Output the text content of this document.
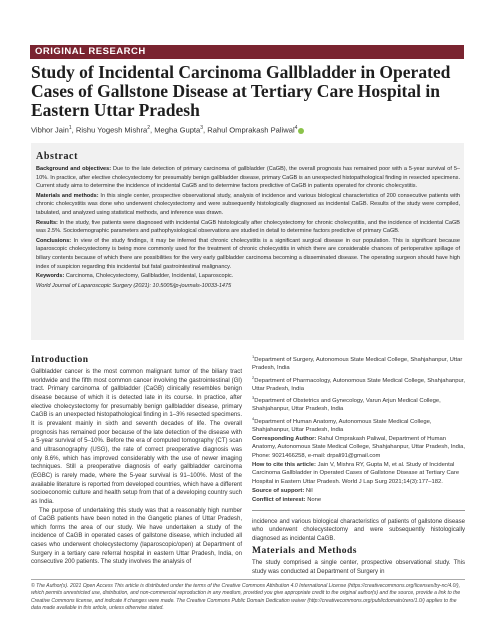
ORIGINAL RESEARCH
Study of Incidental Carcinoma Gallbladder in Operated Cases of Gallstone Disease at Tertiary Care Hospital in Eastern Uttar Pradesh
Vibhor Jain$^1$, Rishu Yogesh Mishra$^2$, Megha Gupta$^3$, Rahul Omprakash Paliwal$^4$
Abstract

Background and objectives: Due to the late detection of primary carcinoma of gallbladder (CaGB), the overall prognosis has remained poor with a 5-year survival of 5–10%. In practice, after elective cholecystectomy for presumably benign gallbladder disease, primary CaGB is an unexpected histopathological finding in resected specimens. Current study aims to determine the incidence of incidental CaGB and to determine factors predictive of CaGB in patients operated for chronic cholecystitis.

Materials and methods: In this single center, prospective observational study, analysis of incidence and various biological characteristics of 200 consecutive patients with chronic cholecystitis was done who underwent cholecystectomy and were subsequently histologically diagnosed as incidental CaGB. Results of the study were compiled, tabulated, and analyzed using statistical methods, and inference was drawn.

Results: In the study, five patients were diagnosed with incidental CaGB histologically after cholecystectomy for chronic cholecystitis, and the incidence of incidental CaGB was 2.5%. Sociodemographic parameters and pathophysiological observations are studied in detail to determine factors predictive of primary CaGB.

Conclusions: In view of the study findings, it may be inferred that chronic cholecystitis is a significant surgical disease in our population. This is significant because laparoscopic cholecystectomy is being more commonly used for the treatment of chronic cholecystitis in which there are considerable chances of perioperative spillage of biliary contents because of which there are possibilities for the very early gallbladder carcinoma becoming a disseminated disease. The operating surgeon should have high index of suspicion regarding this incidental but fatal gastrointestinal malignancy.

Keywords: Carcinoma, Cholecystectomy, Gallbladder, Incidental, Laparoscopic.

World Journal of Laparoscopic Surgery (2021): 10.5005/jp-journals-10033-1475

Introduction

Gallbladder cancer is the most common malignant tumor of the biliary tract worldwide and the fifth most common cancer involving the gastrointestinal (GI) tract. Primary carcinoma of gallbladder (CaGB) clinically resembles benign disease because of which it is detected late in its course. In practice, after elective cholecystectomy for presumably benign gallbladder disease, primary CaGB is an unexpected histopathological finding in 1–3% resected specimens. It is prevalent mainly in sixth and seventh decades of life. The overall prognosis has remained poor because of the late detection of the disease with a 5-year survival of 5–10%. Before the era of computed tomography (CT) scan and ultrasonography (USG), the rate of correct preoperative diagnosis was only 8.6%, which has improved considerably with the use of newer imaging techniques. Still a preoperative diagnosis of early gallbladder carcinoma (EGBC) is rarely made, where the 5-year survival is 91–100%. Most of the available literature is reported from developed countries, which have a different socioeconomic culture and health setup from that of a developing country such as India.

The purpose of undertaking this study was that a reasonably high number of CaGB patients have been noted in the Gangetic planes of Uttar Pradesh, which forms the area of our study. We have undertaken a study of the incidence of CaGB in operated cases of gallstone disease, which included all cases who underwent cholecystectomy (laparoscopic/open) at Department of Surgery in a tertiary care referral hospital in eastern Uttar Pradesh, India, on consecutive 200 patients. The study involves the analysis of

$^1$Department of Surgery, Autonomous State Medical College, Shahjahanpur, Uttar Pradesh, India

$^2$Department of Pharmacology, Autonomous State Medical College, Shahjahanpur, Uttar Pradesh, India

$^3$Department of Obstetrics and Gynecology, Varun Arjun Medical College, Shahjahanpur, Uttar Pradesh, India

$^4$Department of Human Anatomy, Autonomous State Medical College, Shahjahanpur, Uttar Pradesh, India

Corresponding Author: Rahul Omprakash Paliwal, Department of Human Anatomy, Autonomous State Medical College, Shahjahanpur, Uttar Pradesh, India, Phone: 9021466258, e-mail: drpali91@gmail.com

How to cite this article: Jain V, Mishra RY, Gupta M, et al. Study of Incidental Carcinoma Gallbladder in Operated Cases of Gallstone Disease at Tertiary Care Hospital in Eastern Uttar Pradesh. World J Lap Surg 2021;14(3):177–182.

Source of support: Nil

Conflict of interest: None

incidence and various biological characteristics of patients of gallstone disease who underwent cholecystectomy and were subsequently histologically diagnosed as incidental CaGB.

Materials and Methods

The study comprised a single center, prospective observational study. This study was conducted at Department of Surgery in

© The Author(s). 2021 Open Access This article is distributed under the terms of the Creative Commons Attribution 4.0 International License (https://creativecommons.org/licenses/by-nc/4.0/), which permits unrestricted use, distribution, and non-commercial reproduction in any medium, provided you give appropriate credit to the original author(s) and the source, provide a link to the Creative Commons license, and indicate if changes were made. The Creative Commons Public Domain Dedication waiver (http://creativecommons.org/publicdomain/zero/1.0/) applies to the data made available in this article, unless otherwise stated.
